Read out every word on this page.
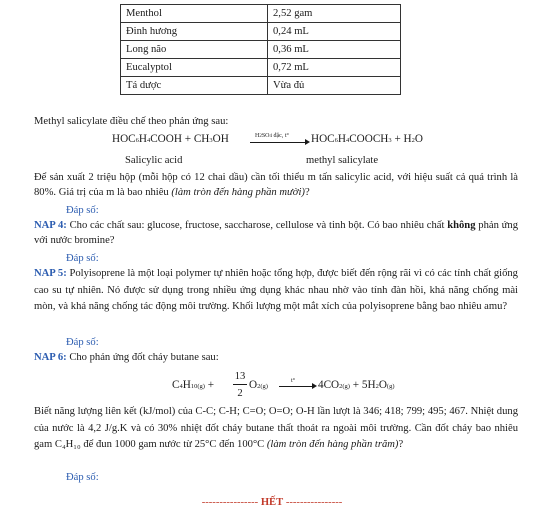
Menthol	2,52 gam
Đinh hương	0,24 mL
Long não	0,36 mL
Eucalyptol	0,72 mL
Tá dược	Vừa đủ
Methyl salicylate điều chế theo phản ứng sau:
HOC6H4COOH + CH3OH	H2SO4 đặc, t° HOC6H4COOCH3 + H2O
Salicylic acid	methyl salicylate
Để sản xuất 2 triệu hộp (mỗi hộp có 12 chai dầu) cần tối thiểu m tấn salicylic acid, với hiệu suất cả quá trình là 80%. Giá trị của m là bao nhiêu (làm tròn đến hàng phần mười)?
Đáp số:
NAP 4: Cho các chất sau: glucose, fructose, saccharose, cellulose và tinh bột. Có bao nhiêu chất không phản ứng với nước bromine?
Đáp số:
NAP 5: Polyisoprene là một loại polymer tự nhiên hoặc tổng hợp, được biết đến rộng rãi vì có các tính chất giống cao su tự nhiên. Nó được sử dụng trong nhiều ứng dụng khác nhau nhờ vào tính đàn hồi, khả năng chống mài mòn, và khả năng chống tác động môi trường. Khối lượng một mắt xích của polyisoprene bằng bao nhiêu amu?
Đáp số:
NAP 6: Cho phản ứng đốt cháy butane sau:
C4H10(g) +
13
2
O2(g)
t° 4CO2(g) + 5H2O(g)
Biết năng lượng liên kết (kJ/mol) của C-C; C-H; C=O; O=O; O-H lần lượt là 346; 418; 799; 495; 467. Nhiệt dung của nước là 4,2 J/g.K và có 30% nhiệt đốt cháy butane thất thoát ra ngoài môi trường. Cần đốt cháy bao nhiêu gam C₄H₁₀ để đun 1000 gam nước từ 25°C đến 100°C (làm tròn đến hàng phần trăm)?
Đáp số:
---------------- HẾT ----------------
